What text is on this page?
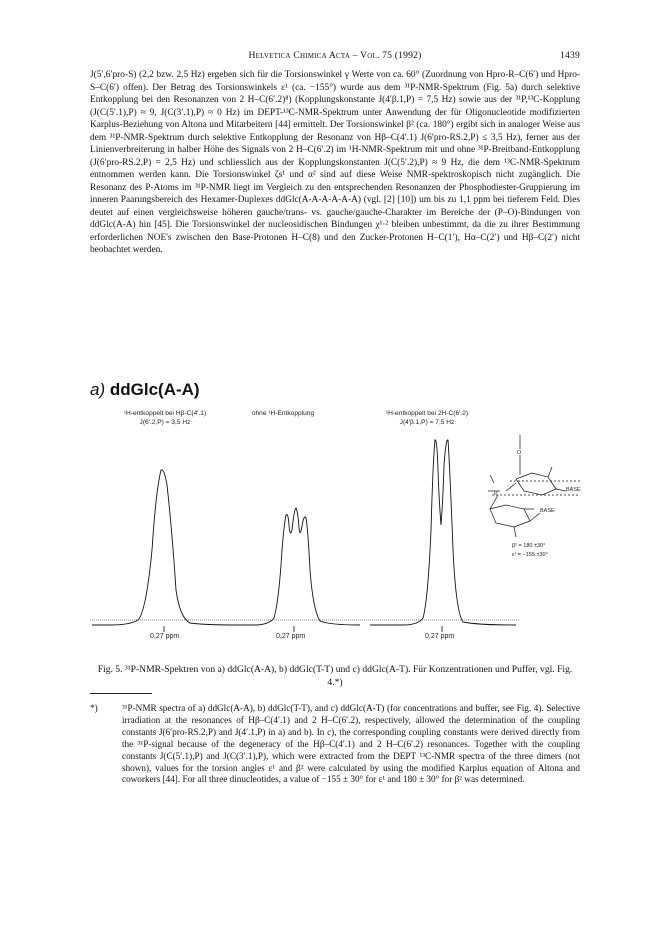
Helvetica Chimica Acta – Vol. 75 (1992)	1439

J(5′,6′pro-S) (2,2 bzw. 2,5 Hz) ergeben sich für die Torsionswinkel γ Werte von ca. 60° (Zuordnung von Hpro-R–C(6′) und Hpro-S–C(6′) offen). Der Betrag des Torsionswinkels ε¹ (ca. −155°) wurde aus dem ³¹P-NMR-Spektrum (Fig. 5a) durch selektive Entkopplung bei den Resonanzen von 2 H–C(6′.2)⁸) (Kopplungskonstante J(4′β.1,P) = 7,5 Hz) sowie aus der ³¹P,¹³C-Kopplung (J(C(5′.1),P) ≈ 9, J(C(3′.1),P) ≈ 0 Hz) im DEPT-¹³C-NMR-Spektrum unter Anwendung der für Oligonucleotide modifizierten Karplus-Beziehung von Altona und Mitarbeitern [44] ermittelt. Der Torsionswinkel β² (ca. 180°) ergibt sich in analoger Weise aus dem ³¹P-NMR-Spektrum durch selektive Entkopplung der Resonanz von Hβ–C(4′.1) J(6′pro-RS.2,P) ≤ 3,5 Hz), ferner aus der Linienverbreiterung in halber Höhe des Signals von 2 H–C(6′.2) im ¹H-NMR-Spektrum mit und ohne ³¹P-Breitband-Entkopplung (J(6′pro-RS.2,P) = 2,5 Hz) und schliesslich aus der Kopplungskonstanten J(C(5′.2),P) ≈ 9 Hz, die dem ¹³C-NMR-Spektrum entnommen werden kann. Die Torsionswinkel ζs¹ und α² sind auf diese Weise NMR-spektroskopisch nicht zugänglich. Die Resonanz des P-Atoms im ³¹P-NMR liegt im Vergleich zu den entsprechenden Resonanzen der Phosphodiester-Gruppierung im inneren Paarungsbereich des Hexamer-Duplexes ddGlc(A-A-A-A-A-A) (vgl. [2] [10]) um bis zu 1,1 ppm bei tieferem Feld. Dies deutet auf einen vergleichsweise höheren gauche/trans- vs. gauche/gauche-Charakter im Bereiche der (P–O)-Bindungen von ddGlc(A-A) hin [45]. Die Torsionswinkel der nucleosidischen Bindungen χ¹·² bleiben unbestimmt, da die zu ihrer Bestimmung erforderlichen NOE's zwischen den Base-Protonen H–C(8) und den Zucker-Protonen H–C(1′), Hα–C(2′) und Hβ–C(2′) nicht beobachtet werden.

a) ddGlc(A-A)
¹H-entkoppelt bei Hβ-C(4′.1)
J(6′.2,P) = 3,5 Hz
ohne ¹H-Entkopplung	¹H-entkoppelt bei 2H-C(6′.2)
J(4′β.1,P) = 7,5 Hz
0,27 ppm	0,27 ppm	0,27 ppm
P
O
BASE
BASE
β² = 180 ±30°
ε¹ = −155 ±30°

Fig. 5. ³¹P-NMR-Spektren von a) ddGlc(A-A), b) ddGlc(T-T) und c) ddGlc(A-T). Für Konzentrationen und Puffer, vgl. Fig. 4.*)

*)	³¹P-NMR spectra of a) ddGlc(A-A), b) ddGlc(T-T), and c) ddGlc(A-T) (for concentrations and buffer, see Fig. 4). Selective irradiation at the resonances of Hβ–C(4′.1) and 2 H–C(6′.2), respectively, allowed the determination of the coupling constants J(6′pro-RS.2,P) and J(4′.1,P) in a) and b). In c), the corresponding coupling constants were derived directly from the ³¹P-signal because of the degeneracy of the Hβ–C(4′.1) and 2 H–C(6′.2) resonances. Together with the coupling constants J(C(5′.1),P) and J(C(3′.1),P), which were extracted from the DEPT ¹³C-NMR spectra of the three dimers (not shown), values for the torsion angles ε¹ and β² were calculated by using the modified Karplus equation of Altona and coworkers [44]. For all three dinucleotides, a value of −155 ± 30° for ε¹ and 180 ± 30° for β² was determined.
